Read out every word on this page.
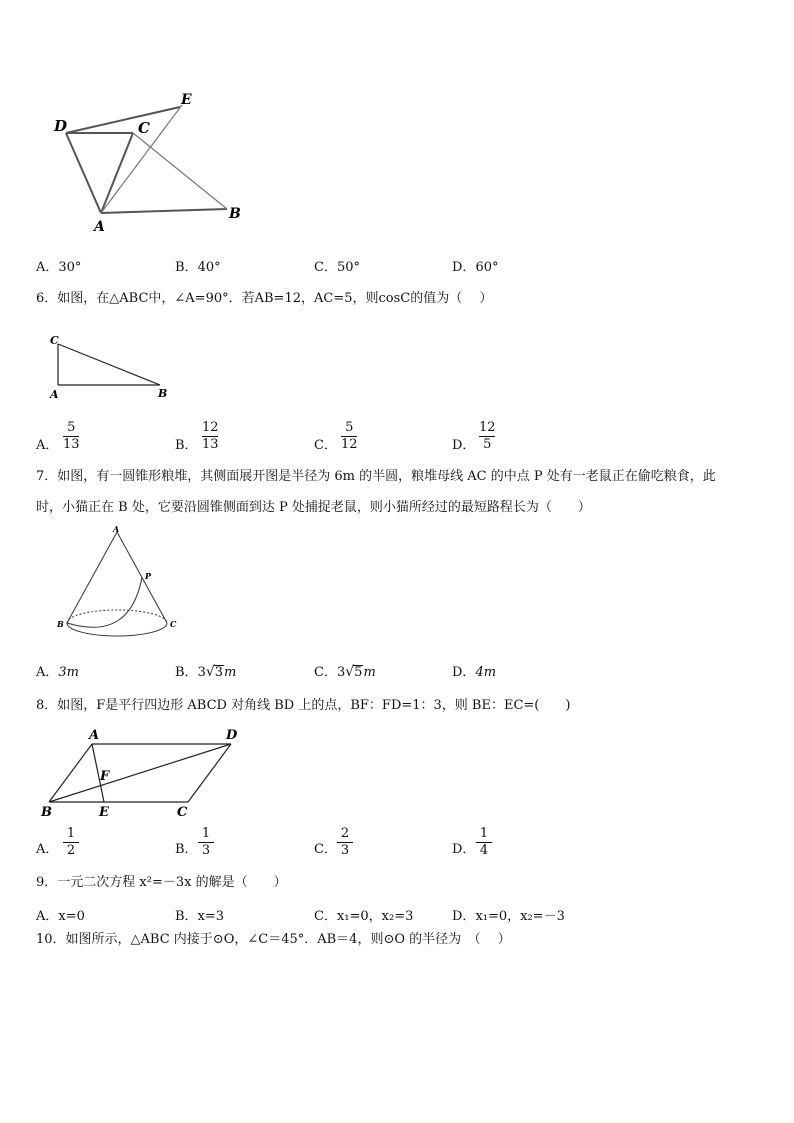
D
E
C
A
B
A．30°	B．40°	C．50°	D．60°
6．如图，在△ABC中，∠A=90°．若AB=12，AC=5，则cosC的值为（　 ）
C
A	B
A．
5
13	B．
12
13	C．
5
12	D．
12
5
7．如图，有一圆锥形粮堆，其侧面展开图是半径为 6m 的半圆，粮堆母线 AC 的中点 P 处有一老鼠正在偷吃粮食，此
时，小猫正在 B 处，它要沿圆锥侧面到达 P 处捕捉老鼠，则小猫所经过的最短路程长为（　　）
A
P
B	C
A．3m	B．3√3m	C．3√5m	D．4m
8．如图，F是平行四边形 ABCD 对角线 BD 上的点，BF：FD=1：3，则 BE：EC=(　　)
A	D
F
B	E	C
A．
1
2	B．
1
3	C．
2
3	D．
1
4
9．一元二次方程 x²=－3x 的解是（　　）
A．x=0	B．x=3	C．x₁=0，x₂=3	D．x₁=0，x₂=－3
10．如图所示，△ABC 内接于⊙O，∠C＝45°．AB＝4，则⊙O 的半径为　（　 ）
